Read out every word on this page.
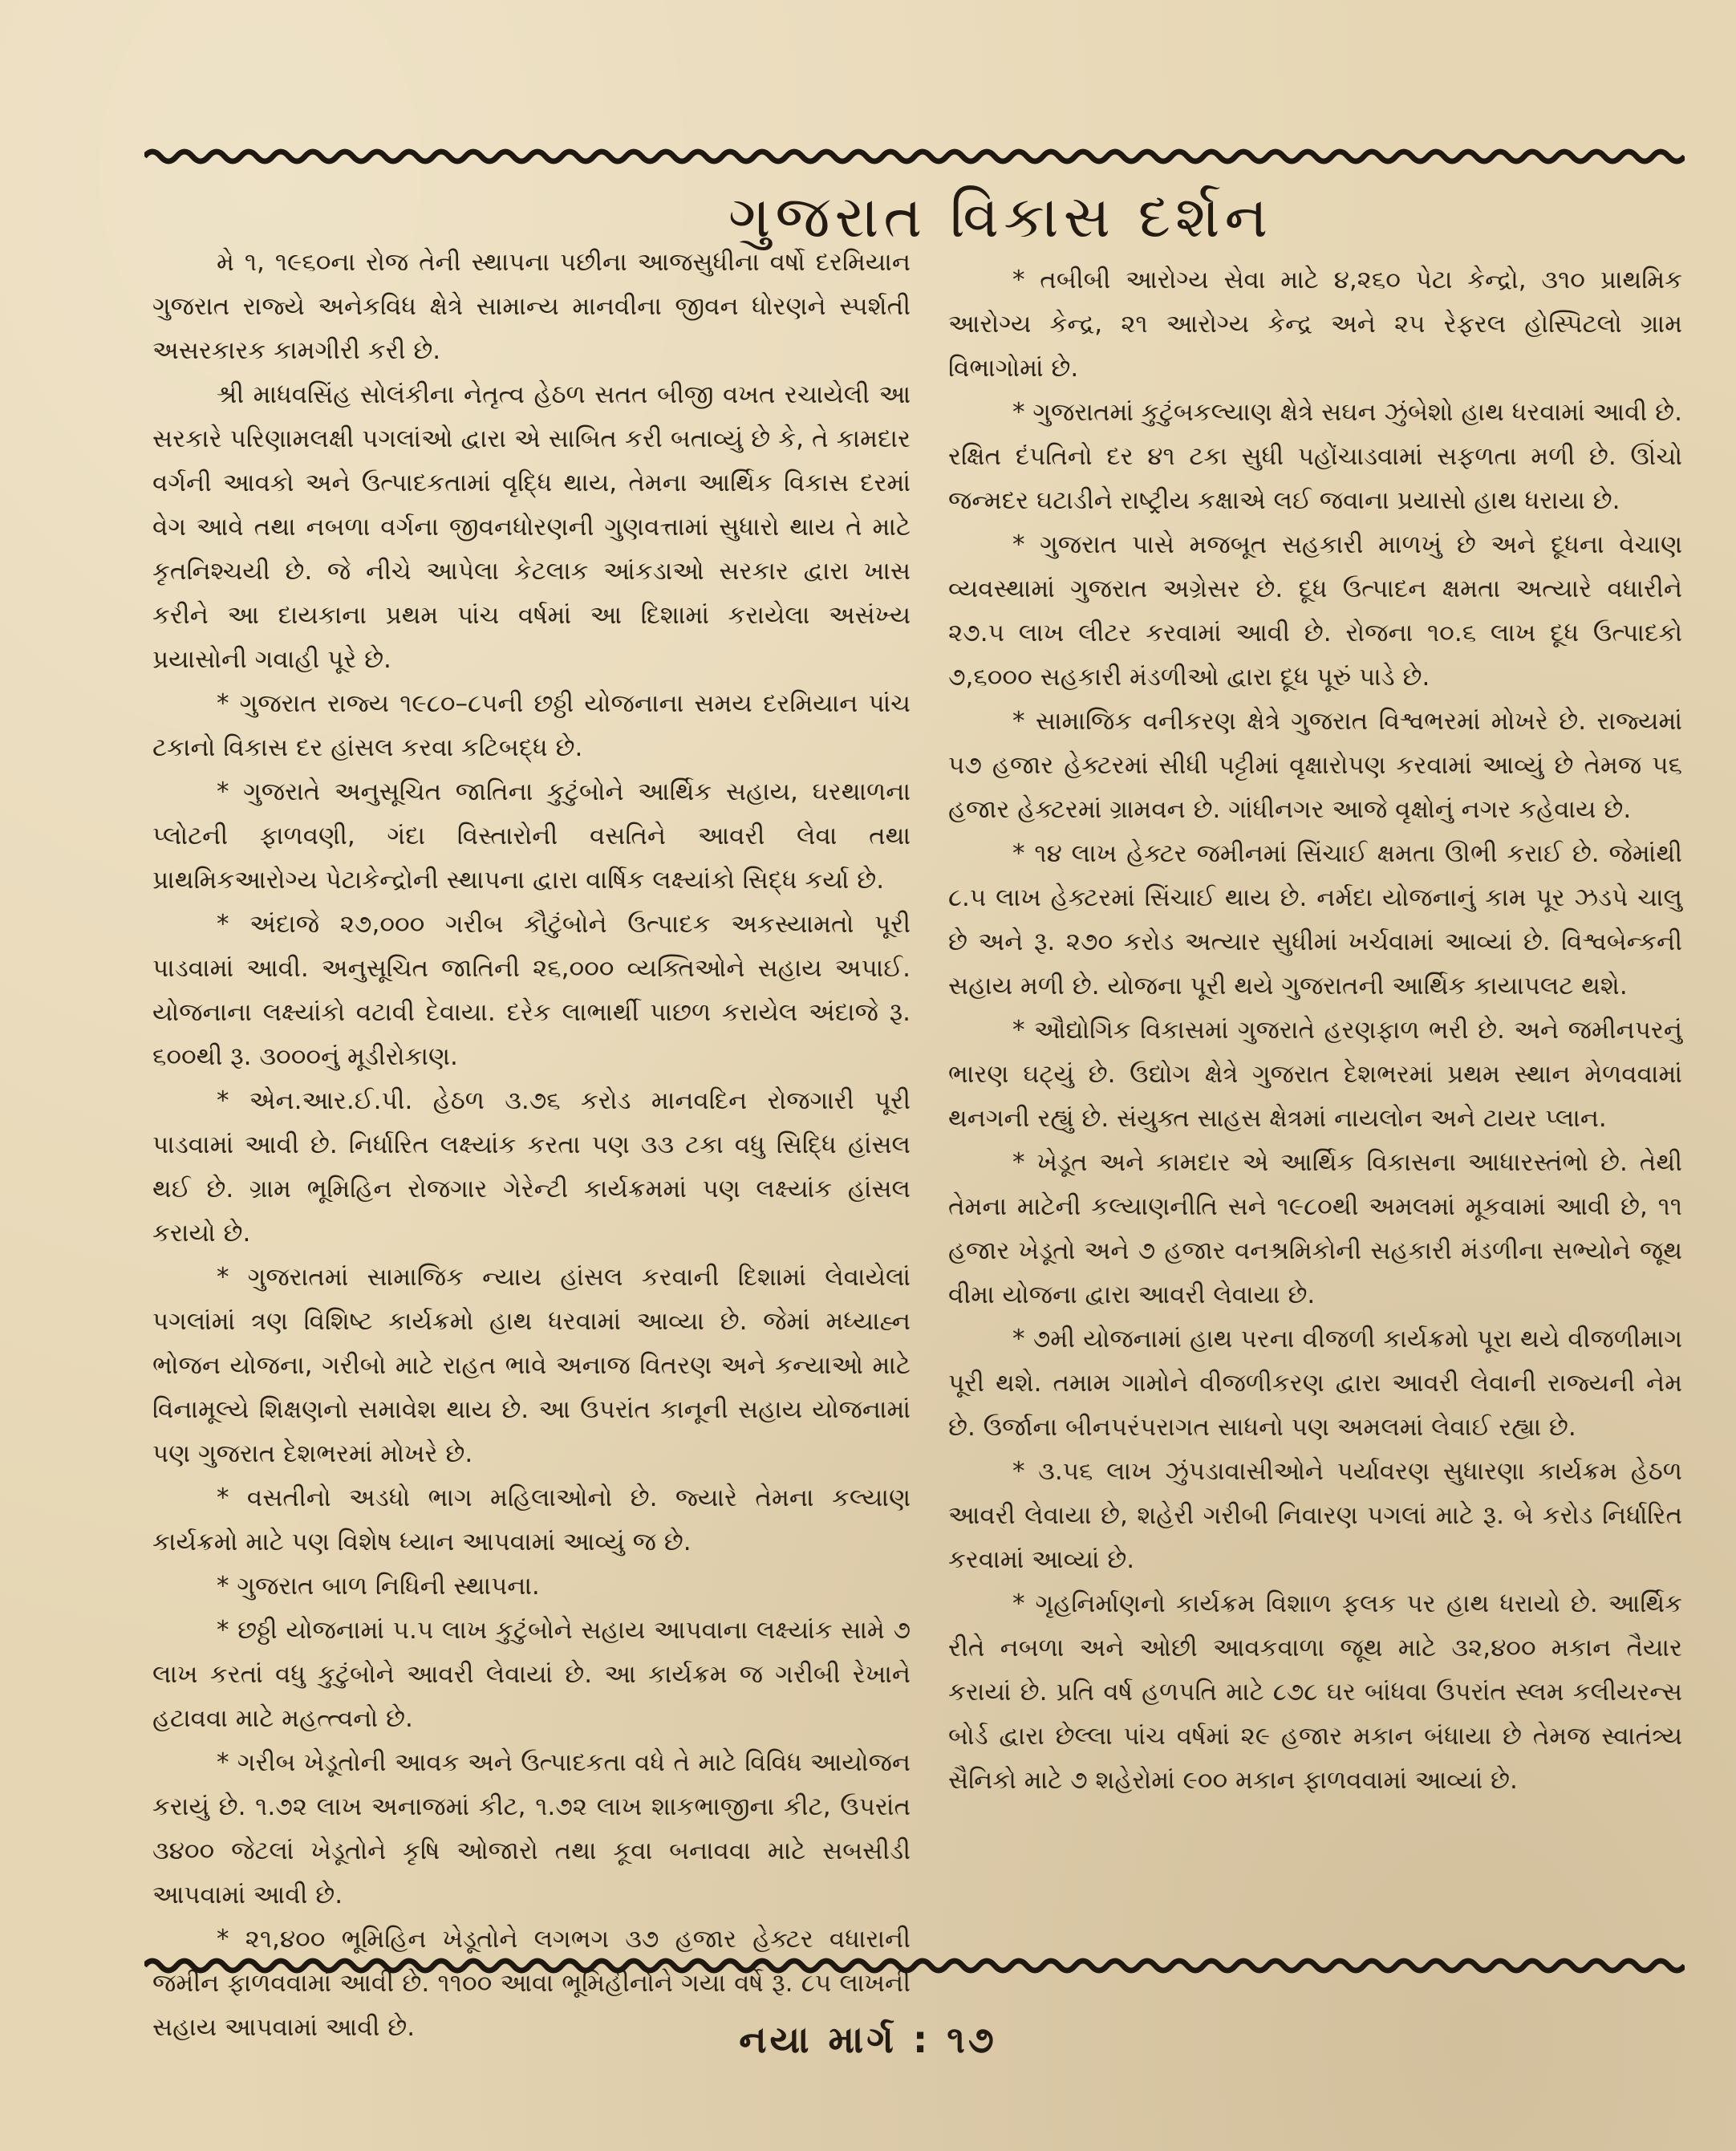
ગુજરાત વિકાસ દર્શન

મે ૧, ૧૯૬૦ના રોજ તેની સ્થાપના પછીના આજસુધીના વર્ષો દરમિયાન ગુજરાત રાજ્યે અનેકવિધ ક્ષેત્રે સામાન્ય માનવીના જીવન ધોરણને સ્પર્શતી અસરકારક કામગીરી કરી છે.

શ્રી માધવસિંહ સોલંકીના નેતૃત્વ હેઠળ સતત બીજી વખત રચાયેલી આ સરકારે પરિણામલક્ષી પગલાંઓ દ્વારા એ સાબિત કરી બતાવ્યું છે કે, તે કામદાર વર્ગની આવકો અને ઉત્પાદકતામાં વૃદ્ધિ થાય, તેમના આર્થિક વિકાસ દરમાં વેગ આવે તથા નબળા વર્ગના જીવનધોરણની ગુણવત્તામાં સુધારો થાય તે માટે કૃતનિશ્ચયી છે. જે નીચે આપેલા કેટલાક આંકડાઓ સરકાર દ્વારા ખાસ કરીને આ દાયકાના પ્રથમ પાંચ વર્ષમાં આ દિશામાં કરાયેલા અસંખ્ય પ્રયાસોની ગવાહી પૂરે છે.

* ગુજરાત રાજ્ય ૧૯૮૦–૮૫ની છઠ્ઠી યોજનાના સમય દરમિયાન પાંચ ટકાનો વિકાસ દર હાંસલ કરવા કટિબદ્ધ છે.

* ગુજરાતે અનુસૂચિત જાતિના કુટુંબોને આર્થિક સહાય, ઘરથાળના પ્લોટની ફાળવણી, ગંદા વિસ્તારોની વસતિને આવરી લેવા તથા પ્રાથમિકઆરોગ્ય પેટાકેન્દ્રોની સ્થાપના દ્વારા વાર્ષિક લક્ષ્યાંકો સિદ્ધ કર્યા છે.

* અંદાજે ૨૭,૦૦૦ ગરીબ કૌટુંબોને ઉત્પાદક અકસ્યામતો પૂરી પાડવામાં આવી. અનુસૂચિત જાતિની ૨૬,૦૦૦ વ્યક્તિઓને સહાય અપાઈ. યોજનાના લક્ષ્યાંકો વટાવી દેવાયા. દરેક લાભાર્થી પાછળ કરાયેલ અંદાજે રૂ. ૬૦૦થી રૂ. ૩૦૦૦નું મૂડીરોકાણ.

* એન.આર.ઈ.પી. હેઠળ ૩.૭૬ કરોડ માનવદિન રોજગારી પૂરી પાડવામાં આવી છે. નિર્ધારિત લક્ષ્યાંક કરતા પણ ૩૩ ટકા વધુ સિદ્ધિ હાંસલ થઈ છે. ગ્રામ ભૂમિહિન રોજગાર ગેરેન્ટી કાર્યક્રમમાં પણ લક્ષ્યાંક હાંસલ કરાયો છે.

* ગુજરાતમાં સામાજિક ન્યાય હાંસલ કરવાની દિશામાં લેવાયેલાં પગલાંમાં ત્રણ વિશિષ્ટ કાર્યક્રમો હાથ ધરવામાં આવ્યા છે. જેમાં મધ્યાહ્ન ભોજન યોજના, ગરીબો માટે રાહત ભાવે અનાજ વિતરણ અને કન્યાઓ માટે વિનામૂલ્યે શિક્ષણનો સમાવેશ થાય છે. આ ઉપરાંત કાનૂની સહાય યોજનામાં પણ ગુજરાત દેશભરમાં મોખરે છે.

* વસતીનો અડધો ભાગ મહિલાઓનો છે. જ્યારે તેમના કલ્યાણ કાર્યક્રમો માટે પણ વિશેષ ધ્યાન આપવામાં આવ્યું જ છે.

* ગુજરાત બાળ નિધિની સ્થાપના.

* છઠ્ઠી યોજનામાં ૫.૫ લાખ કુટુંબોને સહાય આપવાના લક્ષ્યાંક સામે ૭ લાખ કરતાં વધુ કુટુંબોને આવરી લેવાયાં છે. આ કાર્યક્રમ જ ગરીબી રેખાને હટાવવા માટે મહત્ત્વનો છે.

* ગરીબ ખેડૂતોની આવક અને ઉત્પાદકતા વધે તે માટે વિવિધ આયોજન કરાયું છે. ૧.૭૨ લાખ અનાજમાં કીટ, ૧.૭૨ લાખ શાકભાજીના કીટ, ઉપરાંત ૩૪૦૦ જેટલાં ખેડૂતોને કૃષિ ઓજારો તથા કૂવા બનાવવા માટે સબસીડી આપવામાં આવી છે.

* ૨૧,૪૦૦ ભૂમિહિન ખેડૂતોને લગભગ ૩૭ હજાર હેક્ટર વધારાની જમીન ફાળવવામાં આવી છે. ૧૧૦૦ આવા ભૂમિહીનોને ગયા વર્ષે રૂ. ૮૫ લાખની સહાય આપવામાં આવી છે.

* તબીબી આરોગ્ય સેવા માટે ૪,૨૬૦ પેટા કેન્દ્રો, ૩૧૦ પ્રાથમિક આરોગ્ય કેન્દ્ર, ૨૧ આરોગ્ય કેન્દ્ર અને ૨૫ રેફરલ હોસ્પિટલો ગ્રામ વિભાગોમાં છે.

* ગુજરાતમાં કુટુંબકલ્યાણ ક્ષેત્રે સઘન ઝુંબેશો હાથ ધરવામાં આવી છે. રક્ષિત દંપતિનો દર ૪૧ ટકા સુધી પહોંચાડવામાં સફળતા મળી છે. ઊંચો જન્મદર ઘટાડીને રાષ્ટ્રીય કક્ષાએ લઈ જવાના પ્રયાસો હાથ ધરાયા છે.

* ગુજરાત પાસે મજબૂત સહકારી માળખું છે અને દૂધના વેચાણ વ્યવસ્થામાં ગુજરાત અગ્રેસર છે. દૂધ ઉત્પાદન ક્ષમતા અત્યારે વધારીને ૨૭.૫ લાખ લીટર કરવામાં આવી છે. રોજના ૧૦.૬ લાખ દૂધ ઉત્પાદકો ૭,૬૦૦૦ સહકારી મંડળીઓ દ્વારા દૂધ પૂરું પાડે છે.

* સામાજિક વનીકરણ ક્ષેત્રે ગુજરાત વિશ્વભરમાં મોખરે છે. રાજ્યમાં ૫૭ હજાર હેક્ટરમાં સીધી પટ્ટીમાં વૃક્ષારોપણ કરવામાં આવ્યું છે તેમજ ૫૬ હજાર હેક્ટરમાં ગ્રામવન છે. ગાંધીનગર આજે વૃક્ષોનું નગર કહેવાય છે.

* ૧૪ લાખ હેક્ટર જમીનમાં સિંચાઈ ક્ષમતા ઊભી કરાઈ છે. જેમાંથી ૮.૫ લાખ હેક્ટરમાં સિંચાઈ થાય છે. નર્મદા યોજનાનું કામ પૂર ઝડપે ચાલુ છે અને રૂ. ૨૭૦ કરોડ અત્યાર સુધીમાં ખર્ચવામાં આવ્યાં છે. વિશ્વબેન્કની સહાય મળી છે. યોજના પૂરી થયે ગુજરાતની આર્થિક કાયાપલટ થશે.

* ઔદ્યોગિક વિકાસમાં ગુજરાતે હરણફાળ ભરી છે. અને જમીનપરનું ભારણ ઘટ્યું છે. ઉદ્યોગ ક્ષેત્રે ગુજરાત દેશભરમાં પ્રથમ સ્થાન મેળવવામાં થનગની રહ્યું છે. સંયુક્ત સાહસ ક્ષેત્રમાં નાયલોન અને ટાયર પ્લાન.

* ખેડૂત અને કામદાર એ આર્થિક વિકાસના આધારસ્તંભો છે. તેથી તેમના માટેની કલ્યાણનીતિ સને ૧૯૮૦થી અમલમાં મૂકવામાં આવી છે, ૧૧ હજાર ખેડૂતો અને ૭ હજાર વનશ્રમિકોની સહકારી મંડળીના સભ્યોને જૂથ વીમા યોજના દ્વારા આવરી લેવાયા છે.

* ૭મી યોજનામાં હાથ પરના વીજળી કાર્યક્રમો પૂરા થયે વીજળીમાગ પૂરી થશે. તમામ ગામોને વીજળીકરણ દ્વારા આવરી લેવાની રાજ્યની નેમ છે. ઉર્જાના બીનપરંપરાગત સાધનો પણ અમલમાં લેવાઈ રહ્યા છે.

* ૩.૫૬ લાખ ઝુંપડાવાસીઓને પર્યાવરણ સુધારણા કાર્યક્રમ હેઠળ આવરી લેવાયા છે, શહેરી ગરીબી નિવારણ પગલાં માટે રૂ. બે કરોડ નિર્ધારિત કરવામાં આવ્યાં છે.

* ગૃહનિર્માણનો કાર્યક્રમ વિશાળ ફલક પર હાથ ધરાયો છે. આર્થિક રીતે નબળા અને ઓછી આવકવાળા જૂથ માટે ૩૨,૪૦૦ મકાન તૈયાર કરાયાં છે. પ્રતિ વર્ષ હળપતિ માટે ૮૭૮ ઘર બાંધવા ઉપરાંત સ્લમ કલીયરન્સ બોર્ડ દ્વારા છેલ્લા પાંચ વર્ષમાં ૨૯ હજાર મકાન બંધાયા છે તેમજ સ્વાતંત્ર્ય સૈનિકો માટે ૭ શહેરોમાં ૯૦૦ મકાન ફાળવવામાં આવ્યાં છે.

નયા માર્ગ : ૧૭
